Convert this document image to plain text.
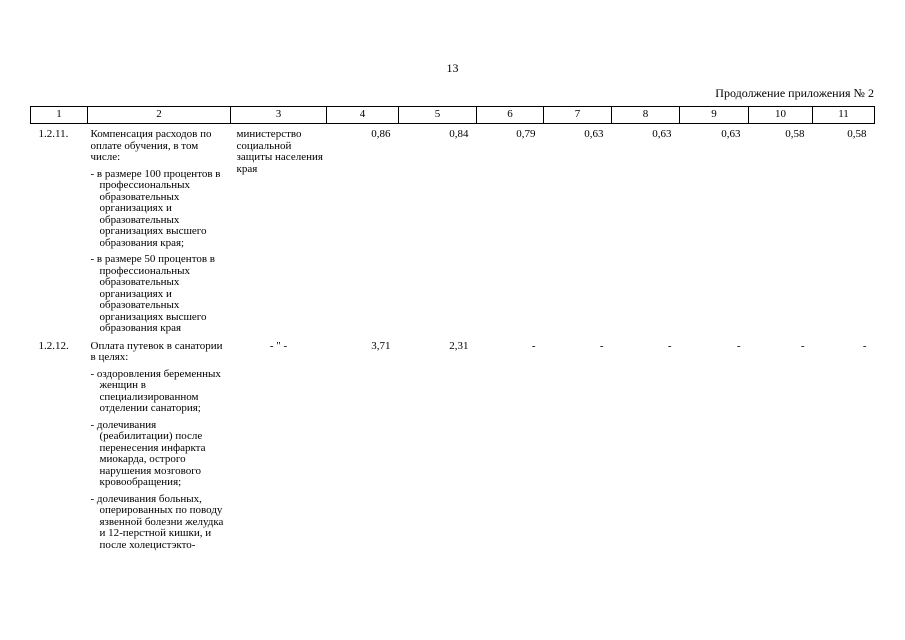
13
Продолжение приложения № 2
1	2	3	4	5	6	7	8	9	10	11
1.2.11.	Компенсация расходов по оплате обучения, в том числе:

- в размере 100 процентов в профессиональных образовательных организациях и образовательных организациях высшего образования края;

- в размере 50 процентов в профессиональных образовательных организациях и образовательных организациях высшего образования края	министерство социальной защиты населения края	0,86	0,84	0,79	0,63	0,63	0,63	0,58	0,58
1.2.12.	Оплата путевок в санатории в целях:

- оздоровления беременных женщин в специализированном отделении санатория;

- долечивания (реабилитации) после перенесения инфаркта миокарда, острого нарушения мозгового кровообращения;

- долечивания больных, оперированных по поводу язвенной болезни желудка и 12-перстной кишки, и после холецистэкто-	- " -	3,71	2,31	-	-	-	-	-	-
